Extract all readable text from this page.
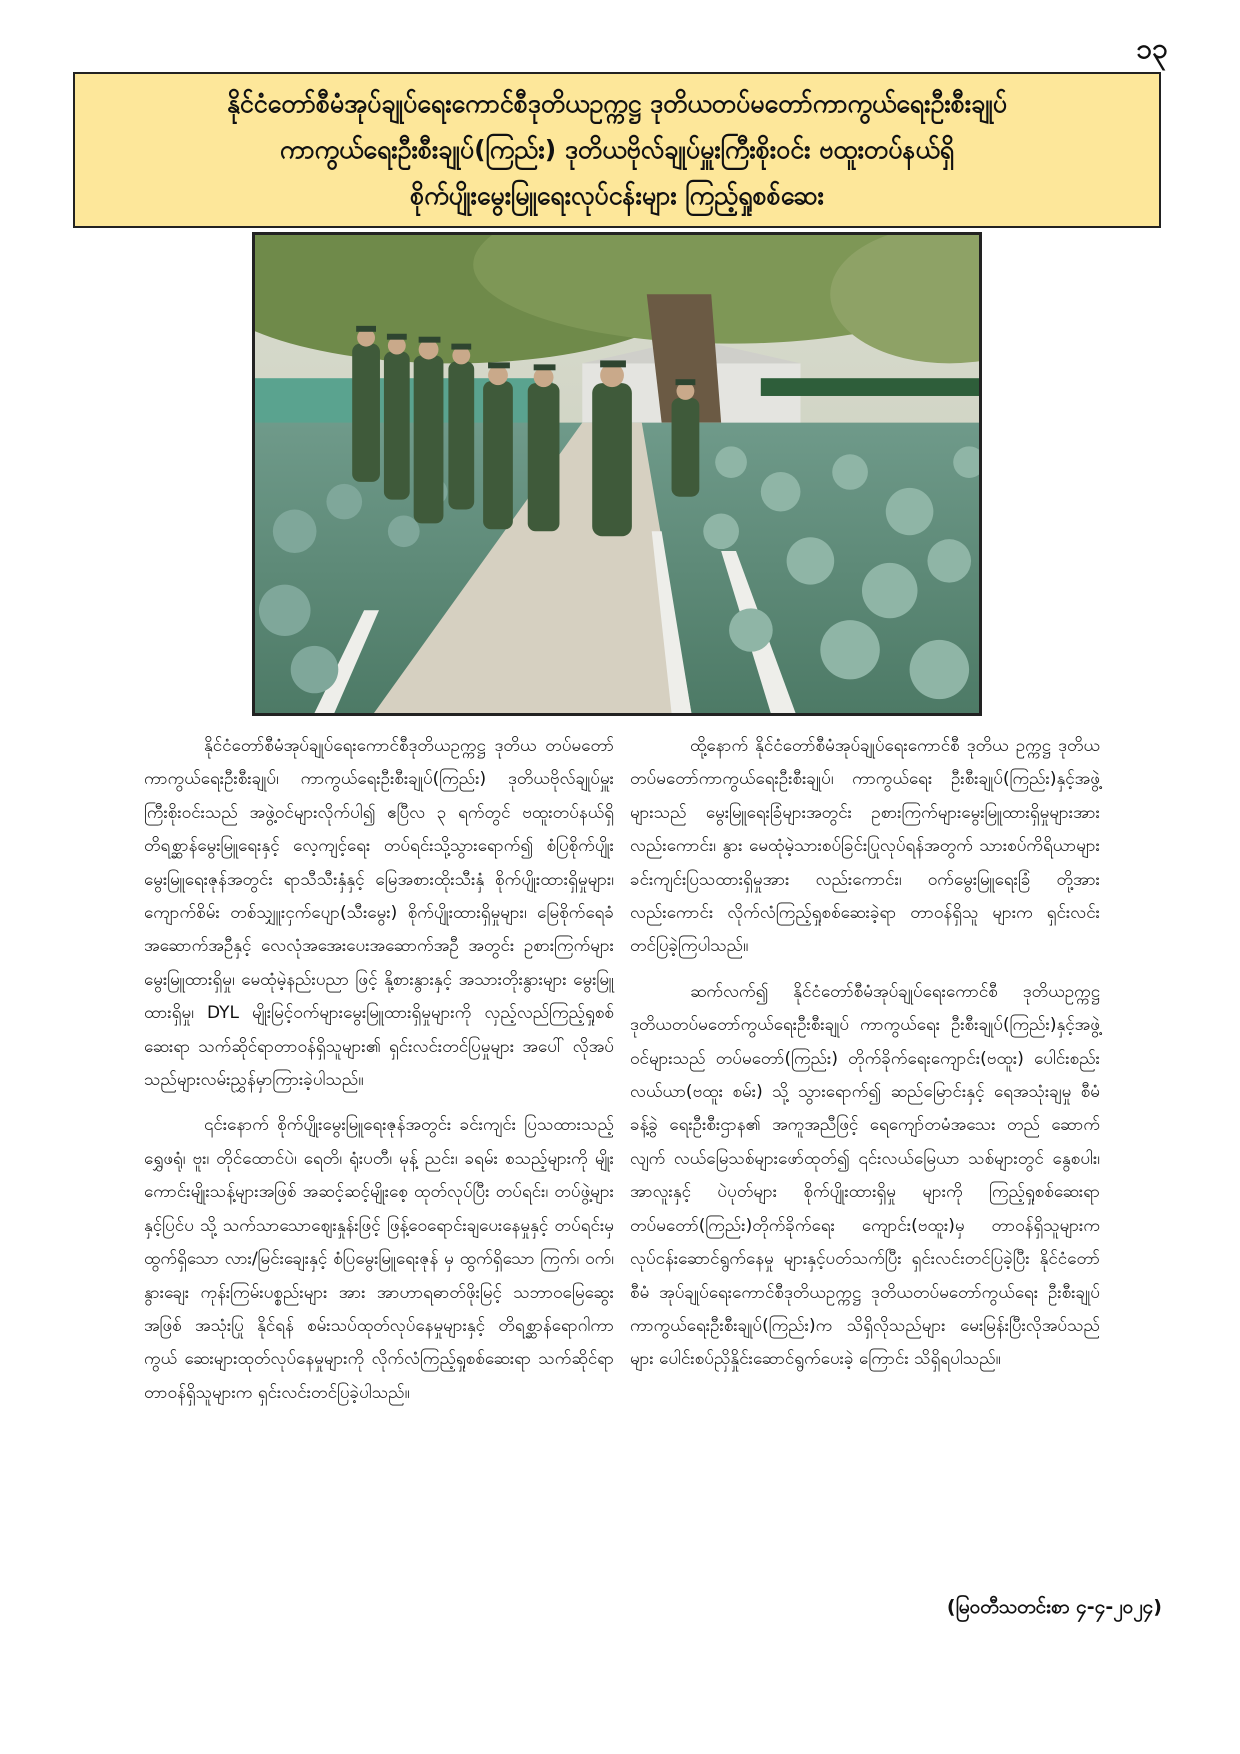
၁၃
နိုင်ငံတော်စီမံအုပ်ချုပ်ရေးကောင်စီဒုတိယဥက္ကဋ္ဌ ဒုတိယတပ်မတော်ကာကွယ်ရေးဦးစီးချုပ်
ကာကွယ်ရေးဦးစီးချုပ်(ကြည်း) ဒုတိယဗိုလ်ချုပ်မှူးကြီးစိုးဝင်း ဗထူးတပ်နယ်ရှိ
စိုက်ပျိုးမွေးမြူရေးလုပ်ငန်းများ ကြည့်ရှုစစ်ဆေး

နိုင်ငံတော်စီမံအုပ်ချုပ်ရေးကောင်စီဒုတိယဥက္ကဋ္ဌ ဒုတိယ တပ်မတော်ကာကွယ်ရေးဦးစီးချုပ်၊ ကာကွယ်ရေးဦးစီးချုပ်(ကြည်း) ဒုတိယဗိုလ်ချုပ်မှူးကြီးစိုးဝင်းသည် အဖွဲ့ဝင်များလိုက်ပါ၍ ဧပြီလ ၃ ရက်တွင် ဗထူးတပ်နယ်ရှိ တိရစ္ဆာန်မွေးမြူရေးနှင့် လေ့ကျင့်ရေး တပ်ရင်းသို့သွားရောက်၍ စံပြစိုက်ပျိုးမွေးမြူရေးဇုန်အတွင်း ရာသီသီးနှံနှင့် မြေအစားထိုးသီးနှံ စိုက်ပျိုးထားရှိမှုများ၊ ကျောက်စိမ်း တစ်သျှူးငှက်ပျော(သီးမွေး) စိုက်ပျိုးထားရှိမှုများ၊ မြေစိုက်ရေခံ အဆောက်အဦနှင့် လေလုံအအေးပေးအဆောက်အဦ အတွင်း ဥစားကြက်များ မွေးမြူထားရှိမှု၊ မေထုံမဲ့နည်းပညာ ဖြင့် နို့စားနွားနှင့် အသားတိုးနွားများ မွေးမြူထားရှိမှု၊ DYL မျိုးမြင့်ဝက်များမွေးမြူထားရှိမှုများကို လှည့်လည်ကြည့်ရှုစစ် ဆေးရာ သက်ဆိုင်ရာတာဝန်ရှိသူများ၏ ရှင်းလင်းတင်ပြမှုများ အပေါ် လိုအပ်သည်များလမ်းညွှန်မှာကြားခဲ့ပါသည်။

၎င်းနောက် စိုက်ပျိုးမွေးမြူရေးဇုန်အတွင်း ခင်းကျင်း ပြသထားသည့် ရွှေဖရုံ၊ ဗူး၊ တိုင်ထောင်ပဲ၊ ရေတိ၊ ရုံးပတီ၊ မုန့် ညင်း၊ ခရမ်း စသည့်များကို မျိုးကောင်းမျိုးသန့်များအဖြစ် အဆင့်ဆင့်မျိုးစေ့ ထုတ်လုပ်ပြီး တပ်ရင်း၊ တပ်ဖွဲ့များနှင့်ပြင်ပ သို့ သက်သာသောဈေးနှုန်းဖြင့် ဖြန့်ဝေရောင်းချပေးနေမှုနှင့် တပ်ရင်းမှ ထွက်ရှိသော လား/မြင်းချေးနှင့် စံပြမွေးမြူရေးဇုန် မှ ထွက်ရှိသော ကြက်၊ ဝက်၊ နွားချေး ကုန်းကြမ်းပစ္စည်းများ အား အာဟာရဓာတ်ဖိုးမြင့် သဘာဝမြေဆွေးအဖြစ် အသုံးပြု နိုင်ရန် စမ်းသပ်ထုတ်လုပ်နေမှုများနှင့် တိရစ္ဆာန်ရောဂါကာကွယ် ဆေးများထုတ်လုပ်နေမှုများကို လိုက်လံကြည့်ရှုစစ်ဆေးရာ သက်ဆိုင်ရာတာဝန်ရှိသူများက ရှင်းလင်းတင်ပြခဲ့ပါသည်။

ထို့နောက် နိုင်ငံတော်စီမံအုပ်ချုပ်ရေးကောင်စီ ဒုတိယ ဥက္ကဋ္ဌ ဒုတိယတပ်မတော်ကာကွယ်ရေးဦးစီးချုပ်၊ ကာကွယ်ရေး ဦးစီးချုပ်(ကြည်း)နှင့်အဖွဲ့များသည် မွေးမြူရေးခြံများအတွင်း ဥစားကြက်များမွေးမြူထားရှိမှုများအားလည်းကောင်း၊ နွား မေထုံမဲ့သားစပ်ခြင်းပြုလုပ်ရန်အတွက် သားစပ်ကိရိယာများ ခင်းကျင်းပြသထားရှိမှုအား လည်းကောင်း၊ ဝက်မွေးမြူရေးခြံ တို့အားလည်းကောင်း လိုက်လံကြည့်ရှုစစ်ဆေးခဲ့ရာ တာဝန်ရှိသူ များက ရှင်းလင်းတင်ပြခဲ့ကြပါသည်။

ဆက်လက်၍ နိုင်ငံတော်စီမံအုပ်ချုပ်ရေးကောင်စီ ဒုတိယဥက္ကဋ္ဌ ဒုတိယတပ်မတော်ကွယ်ရေးဦးစီးချုပ် ကာကွယ်ရေး ဦးစီးချုပ်(ကြည်း)နှင့်အဖွဲ့ဝင်များသည် တပ်မတော်(ကြည်း) တိုက်ခိုက်ရေးကျောင်း(ဗထူး) ပေါင်းစည်းလယ်ယာ(ဗထူး စမ်း) သို့ သွားရောက်၍ ဆည်မြောင်းနှင့် ရေအသုံးချမှု စီမံခန့်ခွဲ ရေးဦးစီးဌာန၏ အကူအညီဖြင့် ရေကျော်တမံအသေး တည် ဆောက်လျက် လယ်မြေသစ်များဖော်ထုတ်၍ ၎င်းလယ်မြေယာ သစ်များတွင် နွေစပါး၊ အာလူးနှင့် ပဲပုတ်များ စိုက်ပျိုးထားရှိမှု များကို ကြည့်ရှုစစ်ဆေးရာ တပ်မတော်(ကြည်း)တိုက်ခိုက်ရေး ကျောင်း(ဗထူး)မှ တာဝန်ရှိသူများက လုပ်ငန်းဆောင်ရွက်နေမှု များနှင့်ပတ်သက်ပြီး ရှင်းလင်းတင်ပြခဲ့ပြီး နိုင်ငံတော်စီမံ အုပ်ချုပ်ရေးကောင်စီဒုတိယဥက္ကဋ္ဌ ဒုတိယတပ်မတော်ကွယ်ရေး ဦးစီးချုပ် ကာကွယ်ရေးဦးစီးချုပ်(ကြည်း)က သိရှိလိုသည်များ မေးမြန်းပြီးလိုအပ်သည်များ ပေါင်းစပ်ညှိနှိုင်းဆောင်ရွက်ပေးခဲ့ ကြောင်း သိရှိရပါသည်။

(မြဝတီသတင်းစာ ၄-၄-၂၀၂၄)
